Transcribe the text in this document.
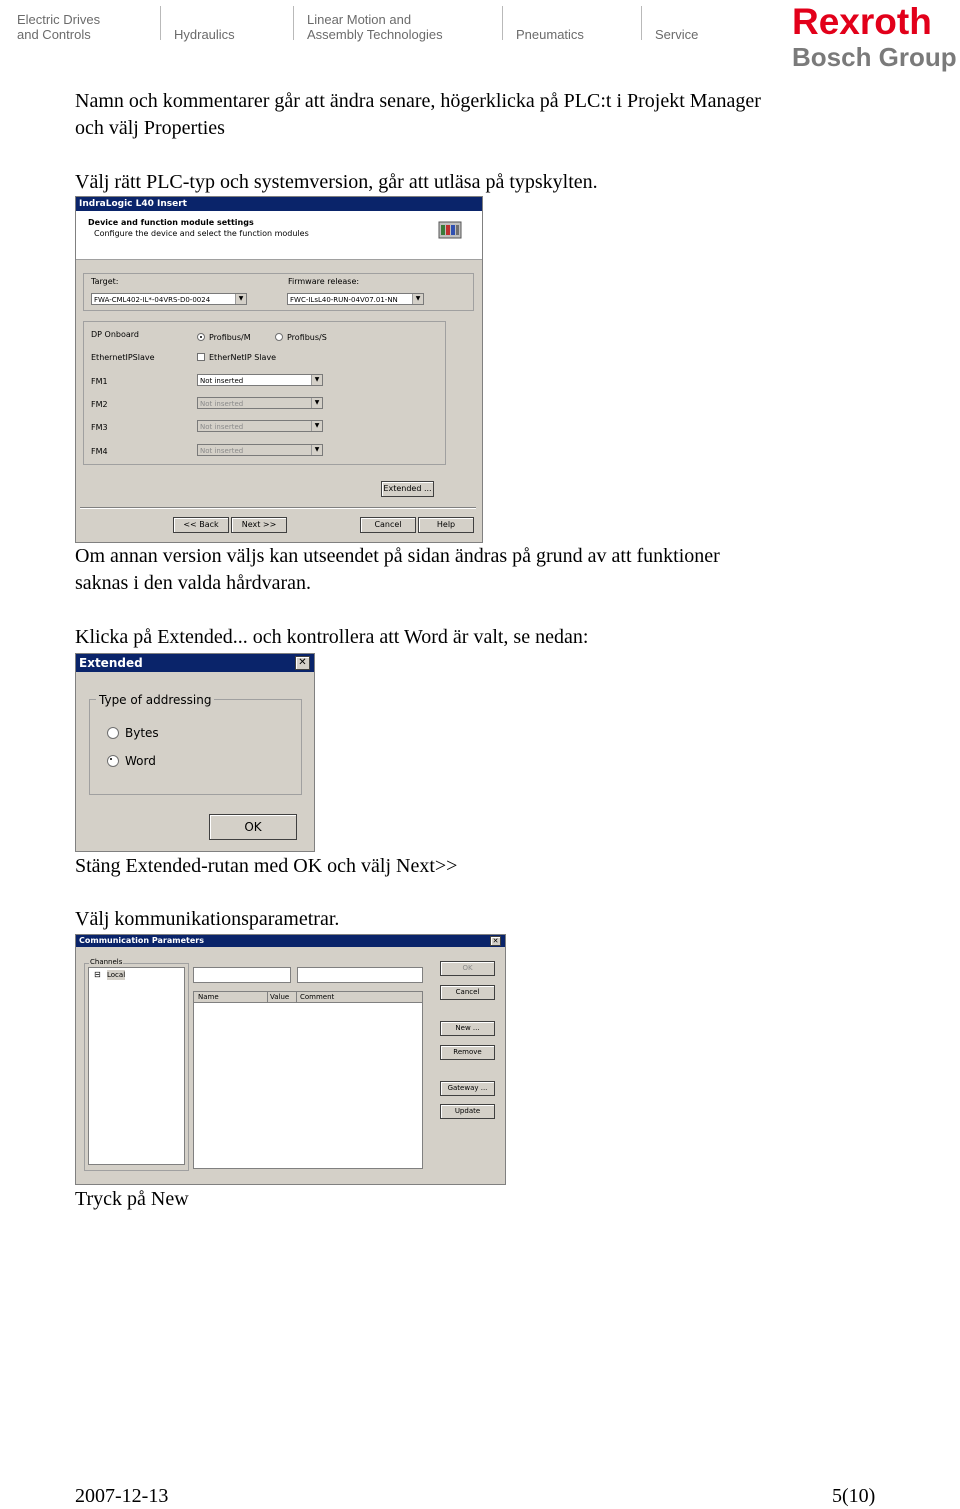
Electric Drives
and Controls
	Hydraulics
Linear Motion and
Assembly Technologies
	Pneumatics
	Service	Rexroth
Bosch Group
Namn och kommentarer går att ändra senare, högerklicka på PLC:t i Projekt Manager
och välj Properties
Välj rätt PLC-typ och systemversion, går att utläsa på typskylten.
IndraLogic L40 Insert
Device and function module settings
Configure the device and select the function modules
Target:
FWA-CML402-IL*-04VRS-D0-0024	▼
Firmware release:
FWC-ILsL40-RUN-04V07.01-NN	▼
DP Onboard	Profibus/M	Profibus/S
EthernetIPSlave	EtherNetIP Slave
FM1	Not inserted	▼
FM2	Not inserted	▼
FM3	Not inserted	▼
FM4	Not inserted	▼
Extended ...
<< Back	Next >>	Cancel	Help
Om annan version väljs kan utseendet på sidan ändras på grund av att funktioner
saknas i den valda hårdvaran.
Klicka på Extended... och kontrollera att Word är valt, se nedan:
Extended	✕
Type of addressing
Bytes
Word
OK
Stäng Extended-rutan med OK och välj Next>>
Välj kommunikationsparametrar.
Communication Parameters	✕
Channels
⊟ Local
Name	Value Comment
OK
Cancel
New ...
Remove
Gateway ...
Update
Tryck på New
2007-12-13	5(10)
